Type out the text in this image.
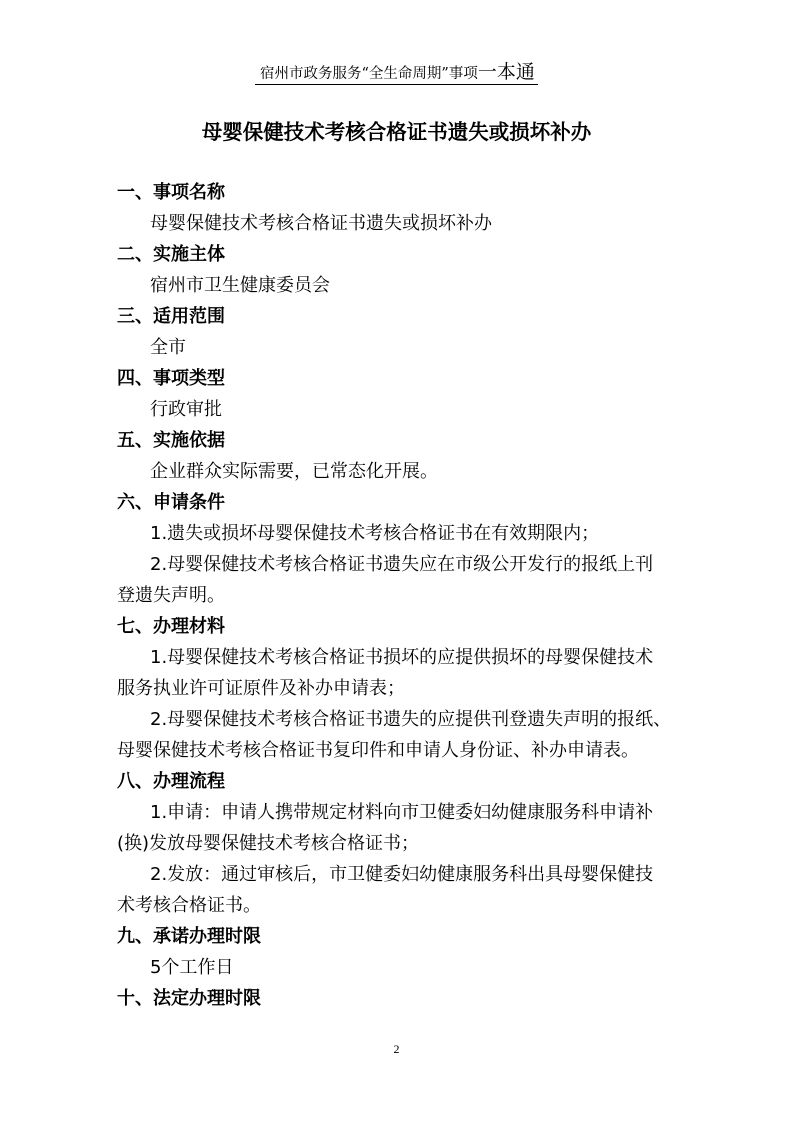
宿州市政务服务“全生命周期”事项一本通
母婴保健技术考核合格证书遗失或损坏补办
一、事项名称
母婴保健技术考核合格证书遗失或损坏补办
二、实施主体
宿州市卫生健康委员会
三、适用范围
全市
四、事项类型
行政审批
五、实施依据
企业群众实际需要，已常态化开展。
六、申请条件
1.遗失或损坏母婴保健技术考核合格证书在有效期限内；
2.母婴保健技术考核合格证书遗失应在市级公开发行的报纸上刊
登遗失声明。
七、办理材料
1.母婴保健技术考核合格证书损坏的应提供损坏的母婴保健技术
服务执业许可证原件及补办申请表；
2.母婴保健技术考核合格证书遗失的应提供刊登遗失声明的报纸、
母婴保健技术考核合格证书复印件和申请人身份证、补办申请表。
八、办理流程
1.申请：申请人携带规定材料向市卫健委妇幼健康服务科申请补
(换)发放母婴保健技术考核合格证书；
2.发放：通过审核后，市卫健委妇幼健康服务科出具母婴保健技
术考核合格证书。
九、承诺办理时限
5个工作日
十、法定办理时限
2
